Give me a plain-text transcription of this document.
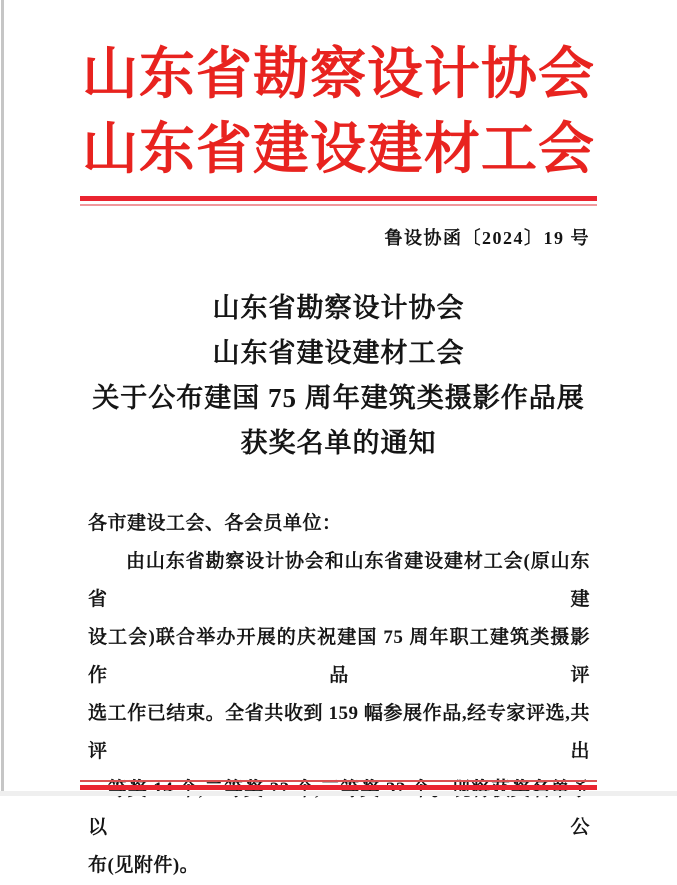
山东省勘察设计协会
山东省建设建材工会
鲁设协函〔2024〕19 号
山东省勘察设计协会
山东省建设建材工会
关于公布建国 75 周年建筑类摄影作品展
获奖名单的通知
各市建设工会、各会员单位：
由山东省勘察设计协会和山东省建设建材工会(原山东省建
设工会)联合举办开展的庆祝建国 75 周年职工建筑类摄影作品评
选工作已结束。全省共收到 159 幅参展作品,经专家评选,共评出
以公
布(见附件)。
